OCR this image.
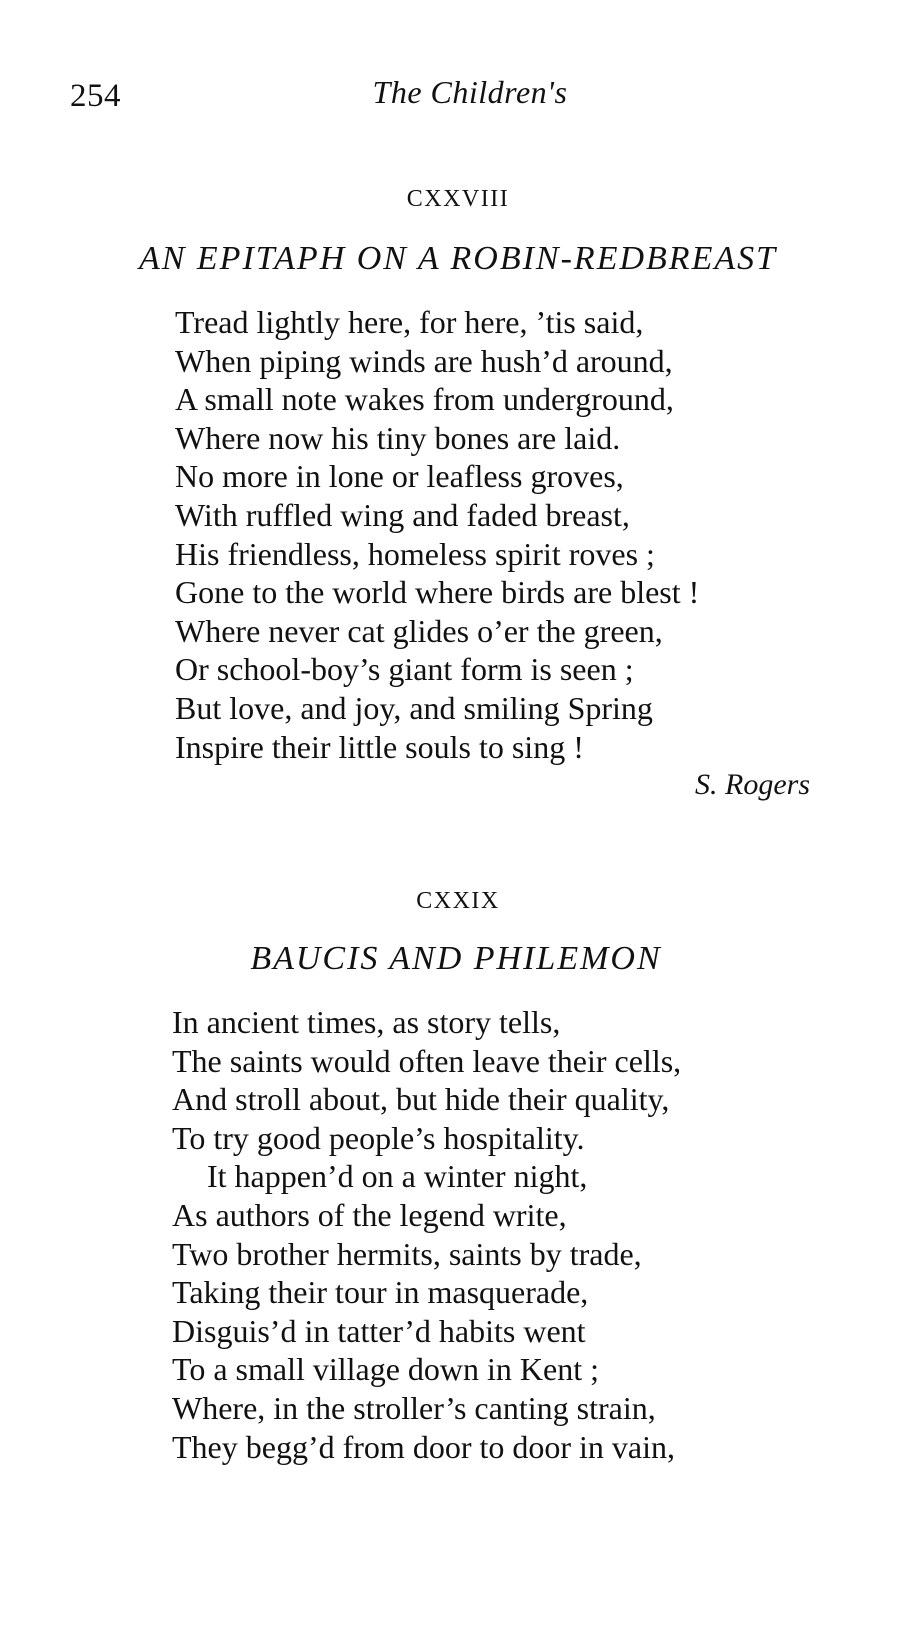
254	The Children's
CXXVIII
AN EPITAPH ON A ROBIN-REDBREAST
Tread lightly here, for here, ’tis said,
When piping winds are hush’d around,
A small note wakes from underground,
Where now his tiny bones are laid.
No more in lone or leafless groves,
With ruffled wing and faded breast,
His friendless, homeless spirit roves ;
Gone to the world where birds are blest !
Where never cat glides o’er the green,
Or school-boy’s giant form is seen ;
But love, and joy, and smiling Spring
Inspire their little souls to sing !
S. Rogers
CXXIX
BAUCIS AND PHILEMON
In ancient times, as story tells,
The saints would often leave their cells,
And stroll about, but hide their quality,
To try good people’s hospitality.
It happen’d on a winter night,
As authors of the legend write,
Two brother hermits, saints by trade,
Taking their tour in masquerade,
Disguis’d in tatter’d habits went
To a small village down in Kent ;
Where, in the stroller’s canting strain,
They begg’d from door to door in vain,
